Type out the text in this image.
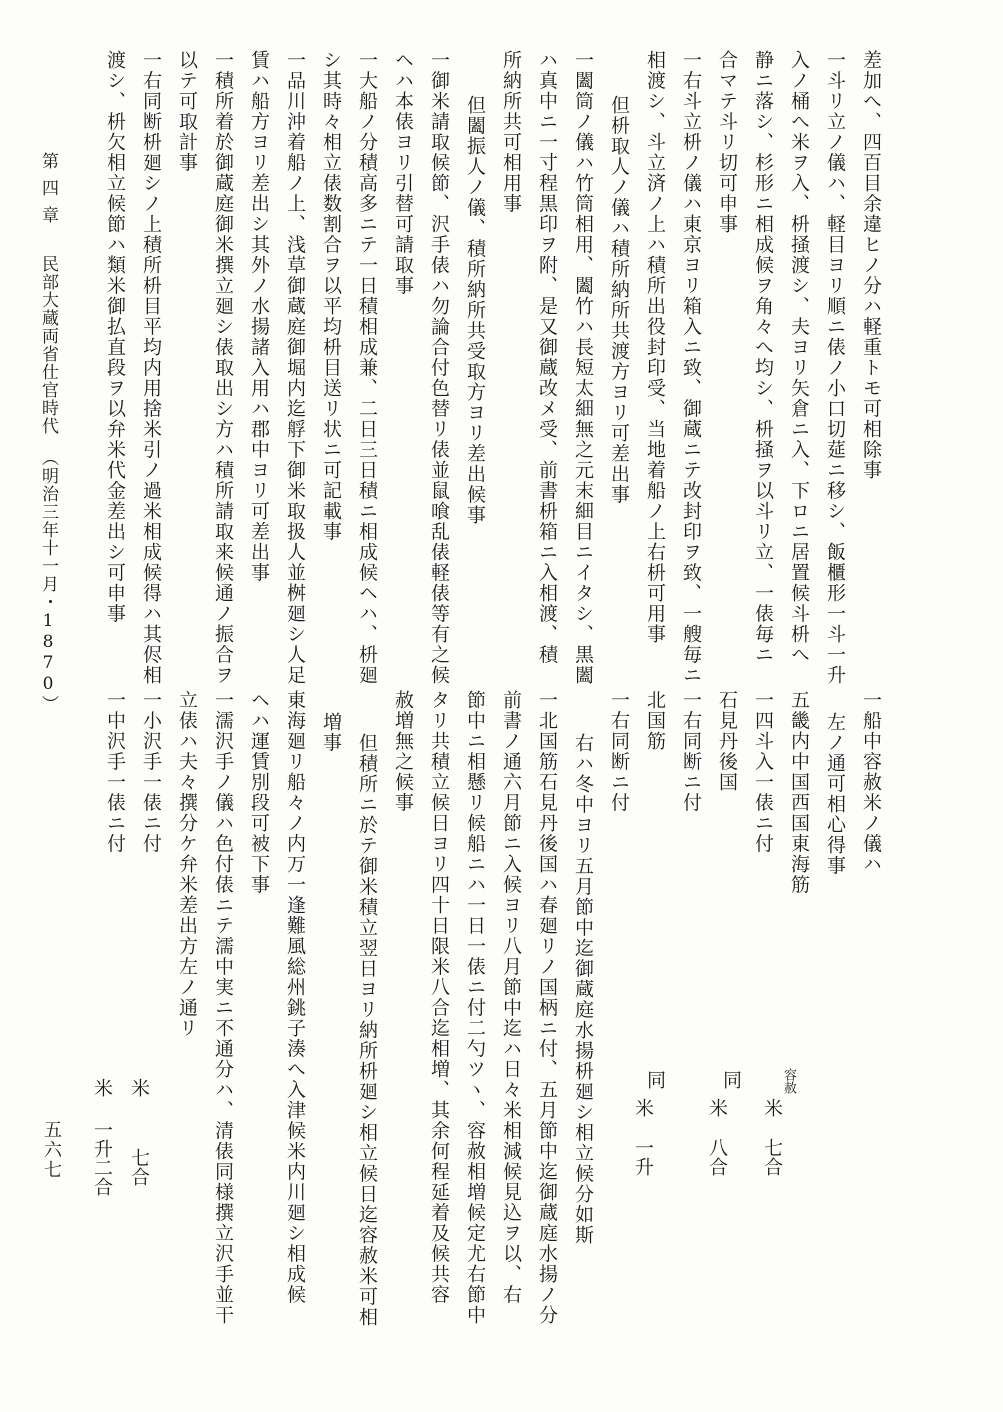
差加へ、四百目余違ヒノ分ハ軽重トモ可相除事
一斗リ立ノ儀ハ、軽目ヨリ順ニ俵ノ小口切莚ニ移シ、飯櫃形一斗一升
入ノ桶へ米ヲ入、枡掻渡シ、夫ヨリ矢倉ニ入、下ロニ居置候斗枡へ
静ニ落シ、杉形ニ相成候ヲ角々へ均シ、枡掻ヲ以斗リ立、一俵毎ニ
合マテ斗リ切可申事
一右斗立枡ノ儀ハ東京ヨリ箱入ニ致、御蔵ニテ改封印ヲ致、一艘毎ニ
相渡シ、斗立済ノ上ハ積所出役封印受、当地着船ノ上右枡可用事
但枡取人ノ儀ハ積所納所共渡方ヨリ可差出事
一闔筒ノ儀ハ竹筒相用、闔竹ハ長短太細無之元末細目ニイタシ、黒闔
ハ真中ニ一寸程黒印ヲ附、是又御蔵改メ受、前書枡箱ニ入相渡、積
所納所共可相用事
但闔振人ノ儀、積所納所共受取方ヨリ差出候事
一御米請取候節、沢手俵ハ勿論合付色替リ俵並鼠喰乱俵軽俵等有之候
ヘハ本俵ヨリ引替可請取事
一大船ノ分積高多ニテ一日積相成兼、二日三日積ニ相成候ヘハ、枡廻
シ其時々相立俵数割合ヲ以平均枡目送リ状ニ可記載事
一品川沖着船ノ上、浅草御蔵庭御堀内迄艀下御米取扱人並桝廻シ人足
賃ハ船方ヨリ差出シ其外ノ水揚諸入用ハ郡中ヨリ可差出事
一積所着於御蔵庭御米撰立廻シ俵取出シ方ハ積所請取来候通ノ振合ヲ
以テ可取計事
一右同断枡廻シノ上積所枡目平均内用捨米引ノ過米相成候得ハ其侭相
渡シ、枡欠相立候節ハ類米御払直段ヲ以弁米代金差出シ可申事
一船中容赦米ノ儀ハ
左ノ通可相心得事
五畿内中国西国東海筋
一四斗入一俵ニ付
石見丹後国
一右同断ニ付
北国筋
一右同断ニ付
右ハ冬中ヨリ五月節中迄御蔵庭水揚枡廻シ相立候分如斯
一北国筋石見丹後国ハ春廻リノ国柄ニ付、五月節中迄御蔵庭水揚ノ分
前書ノ通六月節ニ入候ヨリ八月節中迄ハ日々米相減候見込ヲ以、右
節中ニ相懸リ候船ニハ一日一俵ニ付二勺ツヽ、容赦相増候定尤右節中
タリ共積立候日ヨリ四十日限米八合迄相増、其余何程延着及候共容
赦増無之候事
但積所ニ於テ御米積立翌日ヨリ納所枡廻シ相立候日迄容赦米可相
増事
東海廻リ船々ノ内万一逢難風総州銚子湊へ入津候米内川廻シ相成候
ヘハ運賃別段可被下事
一濡沢手ノ儀ハ色付俵ニテ濡中実ニ不通分ハ、清俵同様撰立沢手並干
立俵ハ夫々撰分ケ弁米差出方左ノ通リ
一小沢手一俵ニ付
一中沢手一俵ニ付
容赦
米
七合
同
米
八合
同
米
一升
米
七合
米
一升二合
第四章民部大蔵両省仕官時代（明治三年十一月・1870）
五六七
